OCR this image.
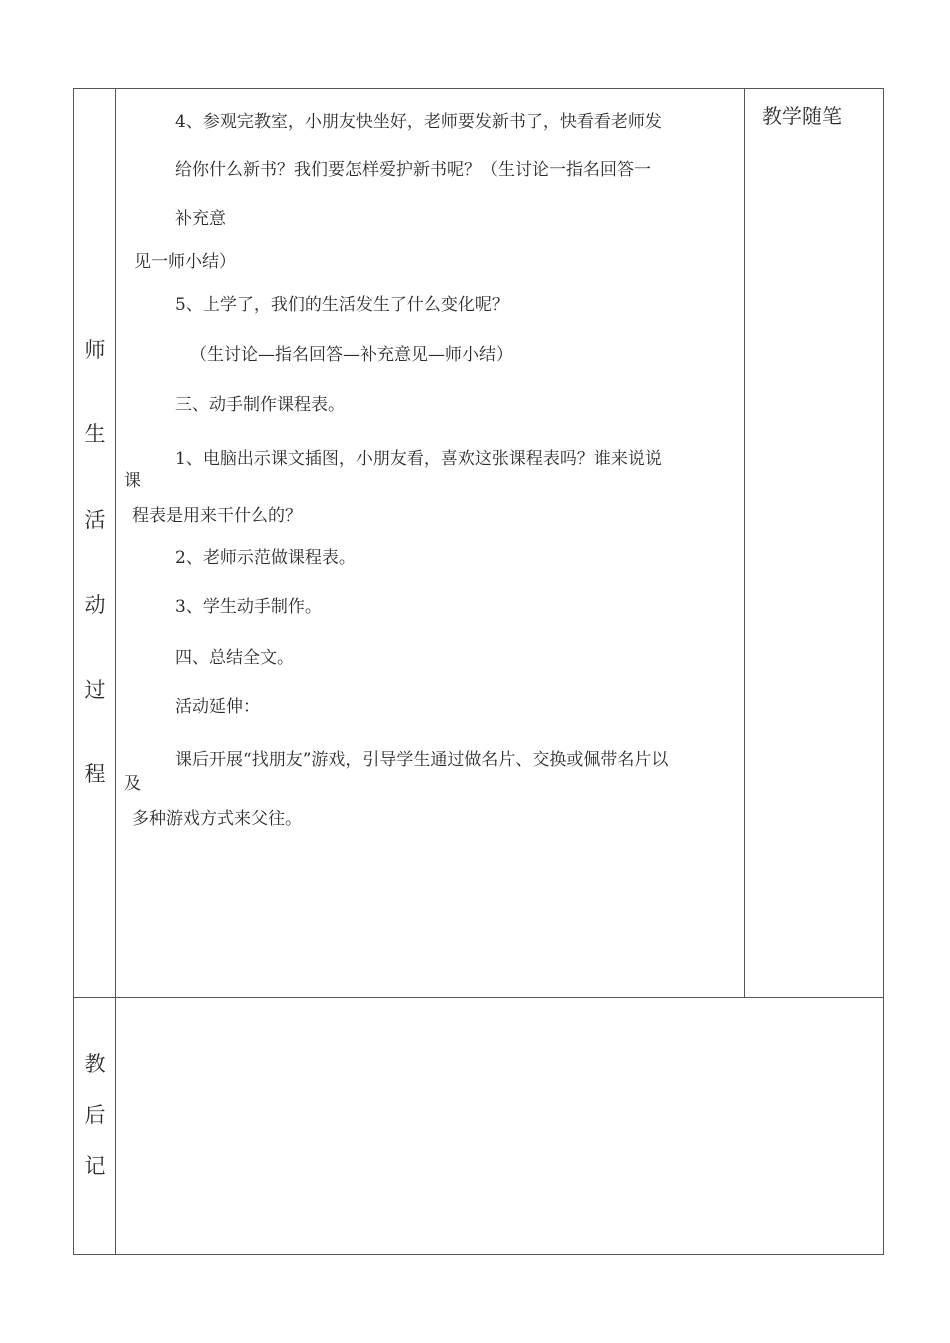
师
生
活
动
过
程
4、参观完教室，小朋友快坐好，老师要发新书了，快看看老师发
给你什么新书？我们要怎样爱护新书呢？（生讨论一指名回答一
补充意
见一师小结）
5、上学了，我们的生活发生了什么变化呢？
（生讨论—指名回答—补充意见—师小结）
三、动手制作课程表。
1、电脑出示课文插图，小朋友看，喜欢这张课程表吗？谁来说说
课
程表是用来干什么的？
2、老师示范做课程表。
3、学生动手制作。
四、总结全文。
活动延伸：
课后开展“找朋友”游戏，引导学生通过做名片、交换或佩带名片以
及
多种游戏方式来父往。
教学随笔
教
后
记
